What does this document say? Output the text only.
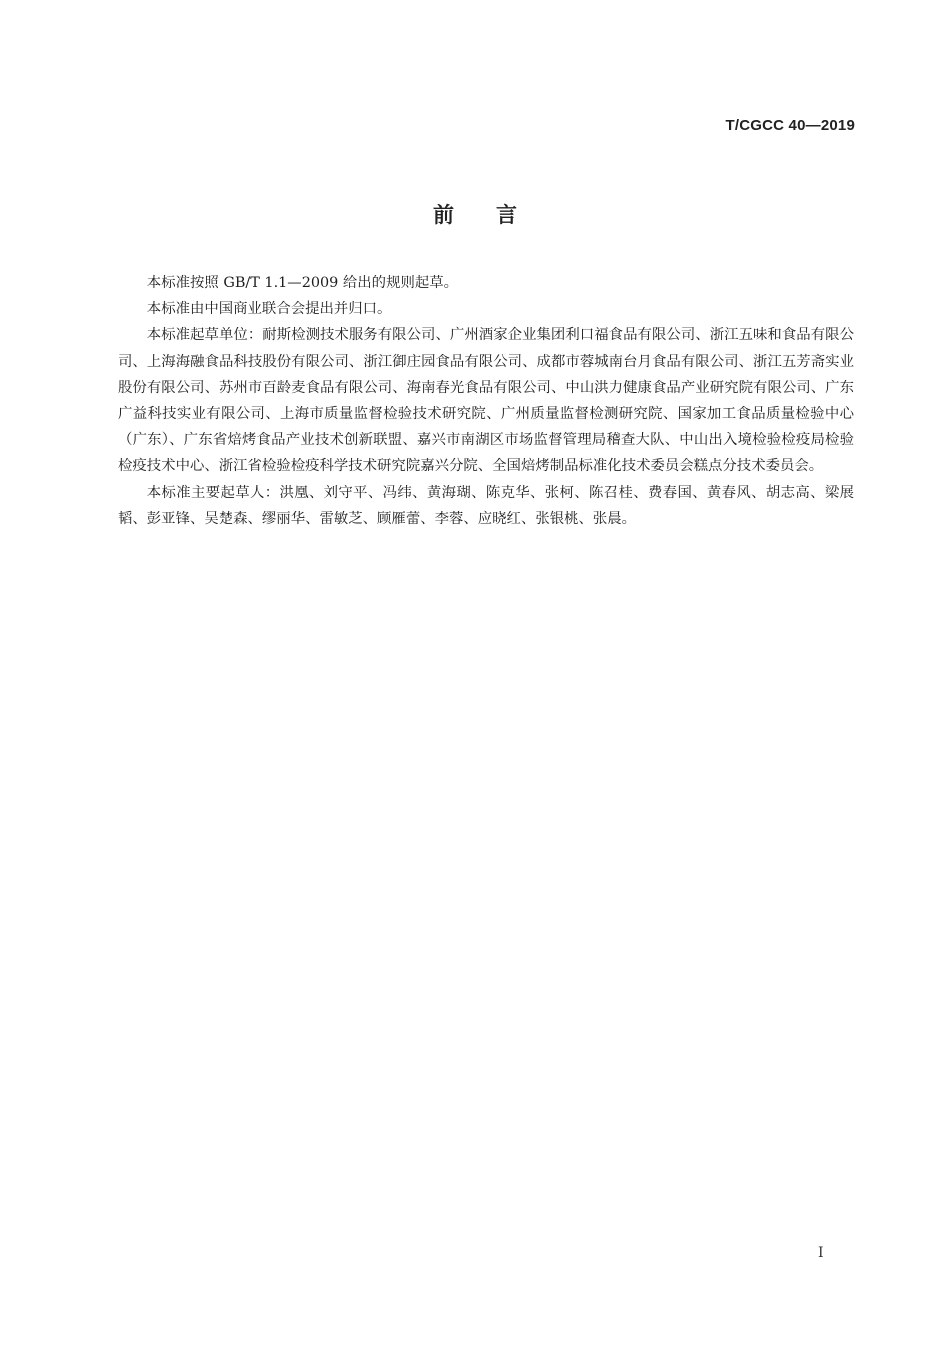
T/CGCC 40—2019
前言

本标准按照 GB/T 1.1—2009 给出的规则起草。

本标准由中国商业联合会提出并归口。

本标准起草单位：耐斯检测技术服务有限公司、广州酒家企业集团利口福食品有限公司、浙江五味和食品有限公司、上海海融食品科技股份有限公司、浙江御庄园食品有限公司、成都市蓉城南台月食品有限公司、浙江五芳斋实业股份有限公司、苏州市百龄麦食品有限公司、海南春光食品有限公司、中山洪力健康食品产业研究院有限公司、广东广益科技实业有限公司、上海市质量监督检验技术研究院、广州质量监督检测研究院、国家加工食品质量检验中心（广东）、广东省焙烤食品产业技术创新联盟、嘉兴市南湖区市场监督管理局稽查大队、中山出入境检验检疫局检验检疫技术中心、浙江省检验检疫科学技术研究院嘉兴分院、全国焙烤制品标准化技术委员会糕点分技术委员会。

本标准主要起草人：洪凰、刘守平、冯纬、黄海瑚、陈克华、张柯、陈召桂、费春国、黄春风、胡志高、梁展韬、彭亚锋、吴楚森、缪丽华、雷敏芝、顾雁蕾、李蓉、应晓红、张银桃、张晨。

I
